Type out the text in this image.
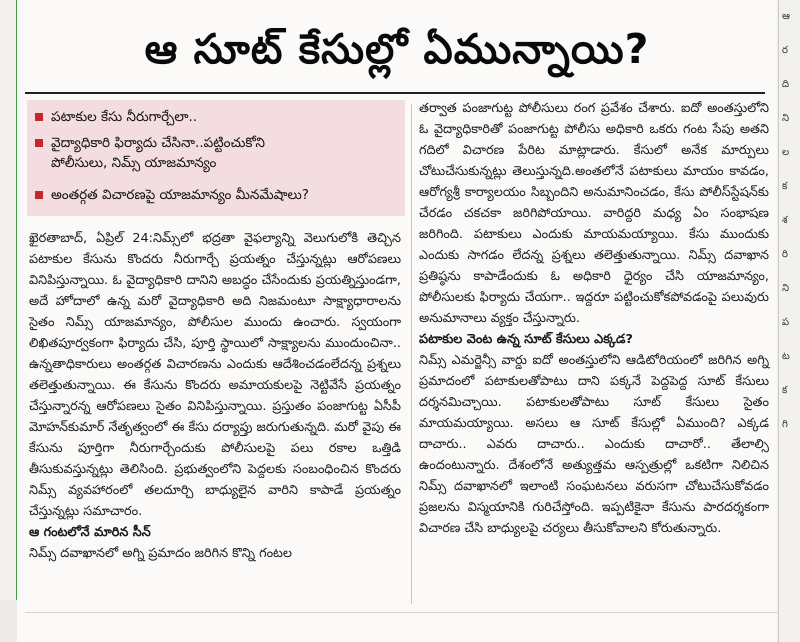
ఆ సూట్ కేసుల్లో ఏమున్నాయి?
పటాకుల కేసు నీరుగార్చేలా..
వైద్యాధికారి ఫిర్యాదు చేసినా..పట్టించుకోని
పోలీసులు, నిమ్స్ యాజమాన్యం
అంతర్గత విచారణపై యాజమాన్యం మీనమేషాలు?

ఖైరతాబాద్, ఏప్రిల్ 24:నిమ్స్‌లో భద్రతా వైఫల్యాన్ని వెలుగులోకి తెచ్చిన పటాకుల కేసును కొందరు నీరుగార్చే ప్రయత్నం చేస్తున్నట్లు ఆరోపణలు వినిపిస్తున్నాయి. ఓ వైద్యాధికారి దానిని అబద్ధం చేసేందుకు ప్రయత్నిస్తుండగా, అదే హోదాలో ఉన్న మరో వైద్యాధికారి అది నిజమంటూ సాక్ష్యాధారాలను సైతం నిమ్స్ యాజమాన్యం, పోలీసుల ముందు ఉంచారు. స్వయంగా లిఖితపూర్వకంగా ఫిర్యాదు చేసి, పూర్తి స్థాయిలో సాక్ష్యాలను ముందుంచినా.. ఉన్నతాధికారులు అంతర్గత విచారణను ఎందుకు ఆదేశించడంలేదన్న ప్రశ్నలు తలెత్తుతున్నాయి. ఈ కేసును కొందరు అమాయకులపై నెట్టివేసే ప్రయత్నం చేస్తున్నారన్న ఆరోపణలు సైతం వినిపిస్తున్నాయి. ప్రస్తుతం పంజాగుట్ట ఏసీపీ మోహన్‌కుమార్ నేతృత్వంలో ఈ కేసు దర్యాప్తు జరుగుతున్నది. మరో వైపు ఈ కేసును పూర్తిగా నీరుగార్చేందుకు పోలీసులపై పలు రకాల ఒత్తిడి తీసుకువస్తున్నట్లు తెలిసింది. ప్రభుత్వంలోని పెద్దలకు సంబంధించిన కొందరు నిమ్స్ వ్యవహారంలో తలదూర్చి బాధ్యులైన వారిని కాపాడే ప్రయత్నం చేస్తున్నట్లు సమాచారం.

ఆ గంటలోనే మారిన సీన్

నిమ్స్ దవాఖానలో అగ్ని ప్రమాదం జరిగిన కొన్ని గంటల

తర్వాత పంజాగుట్ట పోలీసులు రంగ ప్రవేశం చేశారు. ఐదో అంతస్తులోని ఓ వైద్యాధికారితో పంజాగుట్ట పోలీసు అధికారి ఒకరు గంట సేపు అతని గదిలో విచారణ పేరిట మాట్లాడారు. కేసులో అనేక మార్పులు చోటుచేసుకున్నట్లు తెలుస్తున్నది.అంతలోనే పటాకులు మాయం కావడం, ఆరోగ్యశ్రీ కార్యాలయం సిబ్బందిని అనుమానించడం, కేసు పోలీస్‌స్టేషన్‌కు చేరడం చకచకా జరిగిపోయాయి. వారిద్దరి మధ్య ఏం సంభాషణ జరిగింది. పటాకులు ఎందుకు మాయమయ్యాయి. కేసు ముందుకు ఎందుకు సాగడం లేదన్న ప్రశ్నలు తలెత్తుతున్నాయి. నిమ్స్ దవాఖాన ప్రతిష్ఠను కాపాడేందుకు ఓ అధికారి ధైర్యం చేసి యాజమాన్యం, పోలీసులకు ఫిర్యాదు చేయగా.. ఇద్దరూ పట్టించుకోకపోవడంపై పలువురు అనుమానాలు వ్యక్తం చేస్తున్నారు.

పటాకుల వెంట ఉన్న సూట్ కేసులు ఎక్కడ?

నిమ్స్ ఎమర్జెన్సీ వార్డు ఐదో అంతస్తులోని ఆడిటోరియంలో జరిగిన అగ్ని ప్రమాదంలో పటాకులతోపాటు దాని పక్కనే పెద్దపెద్ద సూట్ కేసులు దర్శనమిచ్చాయి. పటాకులతోపాటు సూట్ కేసులు సైతం మాయమయ్యాయి. అసలు ఆ సూట్ కేసుల్లో ఏముంది? ఎక్కడ దాచారు.. ఎవరు దాచారు.. ఎందుకు దాచారో.. తేలాల్సి ఉందంటున్నారు. దేశంలోనే అత్యుత్తమ ఆస్పత్రుల్లో ఒకటిగా నిలిచిన నిమ్స్ దవాఖానలో ఇలాంటి సంఘటనలు వరుసగా చోటుచేసుకోవడం ప్రజలను విస్మయానికి గురిచేస్తోంది. ఇప్పటికైనా కేసును పారదర్శకంగా విచారణ చేసి బాధ్యులపై చర్యలు తీసుకోవాలని కోరుతున్నారు.

ఆ
ర
ది
ని
ల
క
శ
రి
ని
ప
ట
క
గి
